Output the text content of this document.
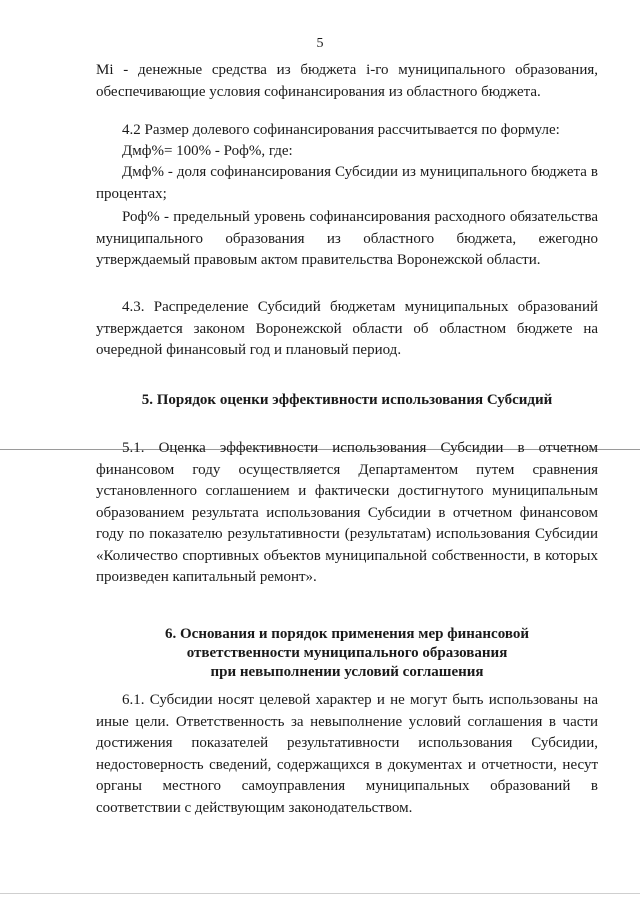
5

Mi - денежные средства из бюджета i-го муниципального образования, обеспечивающие условия софинансирования из областного бюджета.

4.2 Размер долевого софинансирования рассчитывается по формуле:

Дмф%= 100% - Роф%, где:

Дмф% - доля софинансирования Субсидии из муниципального бюджета в процентах;

Роф% - предельный уровень софинансирования расходного обязательства муниципального образования из областного бюджета, ежегодно утверждаемый правовым актом правительства Воронежской области.

4.3. Распределение Субсидий бюджетам муниципальных образований утверждается законом Воронежской области об областном бюджете на очередной финансовый год и плановый период.

5. Порядок оценки эффективности использования Субсидий

5.1. Оценка эффективности использования Субсидии в отчетном финансовом году осуществляется Департаментом путем сравнения установленного соглашением и фактически достигнутого муниципальным образованием результата использования Субсидии в отчетном финансовом году по показателю результативности (результатам) использования Субсидии «Количество спортивных объектов муниципальной собственности, в которых произведен капитальный ремонт».

6. Основания и порядок применения мер финансовой

ответственности муниципального образования

при невыполнении условий соглашения

6.1. Субсидии носят целевой характер и не могут быть использованы на иные цели. Ответственность за невыполнение условий соглашения в части достижения показателей результативности использования Субсидии, недостоверность сведений, содержащихся в документах и отчетности, несут органы местного самоуправления муниципальных образований в соответствии с действующим законодательством.
